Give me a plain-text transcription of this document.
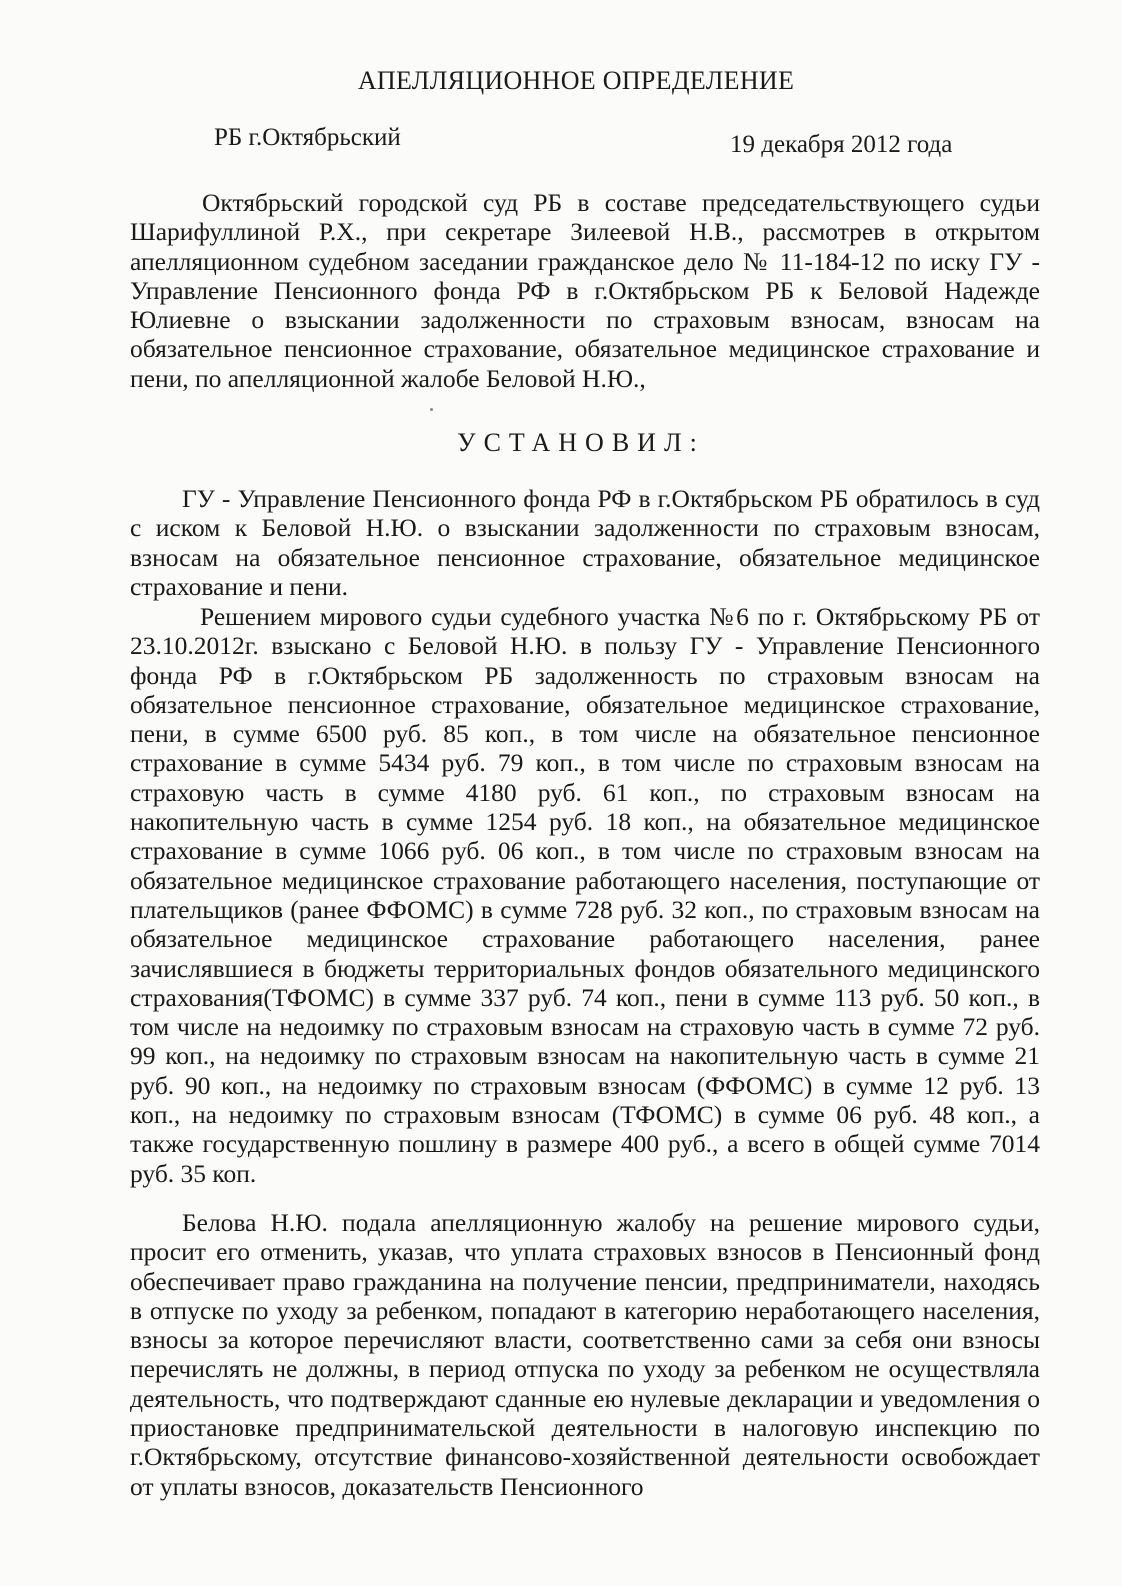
АПЕЛЛЯЦИОННОЕ ОПРЕДЕЛЕНИЕ
РБ г.Октябрьский	19 декабря 2012 года

Октябрьский городской суд РБ в составе председательствующего судьи Шарифуллиной Р.Х., при секретаре Зилеевой Н.В., рассмотрев в открытом апелляционном судебном заседании гражданское дело № 11-184-12 по иску ГУ - Управление Пенсионного фонда РФ в г.Октябрьском РБ к Беловой Надежде Юлиевне о взыскании задолженности по страховым взносам, взносам на обязательное пенсионное страхование, обязательное медицинское страхование и пени, по апелляционной жалобе Беловой Н.Ю.,

УСТАНОВИЛ:

ГУ - Управление Пенсионного фонда РФ в г.Октябрьском РБ обратилось в суд с иском к Беловой Н.Ю. о взыскании задолженности по страховым взносам, взносам на обязательное пенсионное страхование, обязательное медицинское страхование и пени.

Решением мирового судьи судебного участка №6 по г. Октябрьскому РБ от 23.10.2012г. взыскано с Беловой Н.Ю. в пользу ГУ - Управление Пенсионного фонда РФ в г.Октябрьском РБ задолженность по страховым взносам на обязательное пенсионное страхование, обязательное медицинское страхование, пени, в сумме 6500 руб. 85 коп., в том числе на обязательное пенсионное страхование в сумме 5434 руб. 79 коп., в том числе по страховым взносам на страховую часть в сумме 4180 руб. 61 коп., по страховым взносам на накопительную часть в сумме 1254 руб. 18 коп., на обязательное медицинское страхование в сумме 1066 руб. 06 коп., в том числе по страховым взносам на обязательное медицинское страхование работающего населения, поступающие от плательщиков (ранее ФФОМС) в сумме 728 руб. 32 коп., по страховым взносам на обязательное медицинское страхование работающего населения, ранее зачислявшиеся в бюджеты территориальных фондов обязательного медицинского страхования(ТФОМС) в сумме 337 руб. 74 коп., пени в сумме 113 руб. 50 коп., в том числе на недоимку по страховым взносам на страховую часть в сумме 72 руб. 99 коп., на недоимку по страховым взносам на накопительную часть в сумме 21 руб. 90 коп., на недоимку по страховым взносам (ФФОМС) в сумме 12 руб. 13 коп., на недоимку по страховым взносам (ТФОМС) в сумме 06 руб. 48 коп., а также государственную пошлину в размере 400 руб., а всего в общей сумме 7014 руб. 35 коп.

Белова Н.Ю. подала апелляционную жалобу на решение мирового судьи, просит его отменить, указав, что уплата страховых взносов в Пенсионный фонд обеспечивает право гражданина на получение пенсии, предприниматели, находясь в отпуске по уходу за ребенком, попадают в категорию неработающего населения, взносы за которое перечисляют власти, соответственно сами за себя они взносы перечислять не должны, в период отпуска по уходу за ребенком не осуществляла деятельность, что подтверждают сданные ею нулевые декларации и уведомления о приостановке предпринимательской деятельности в налоговую инспекцию по г.Октябрьскому, отсутствие финансово-хозяйственной деятельности освобождает от уплаты взносов, доказательств Пенсионного
